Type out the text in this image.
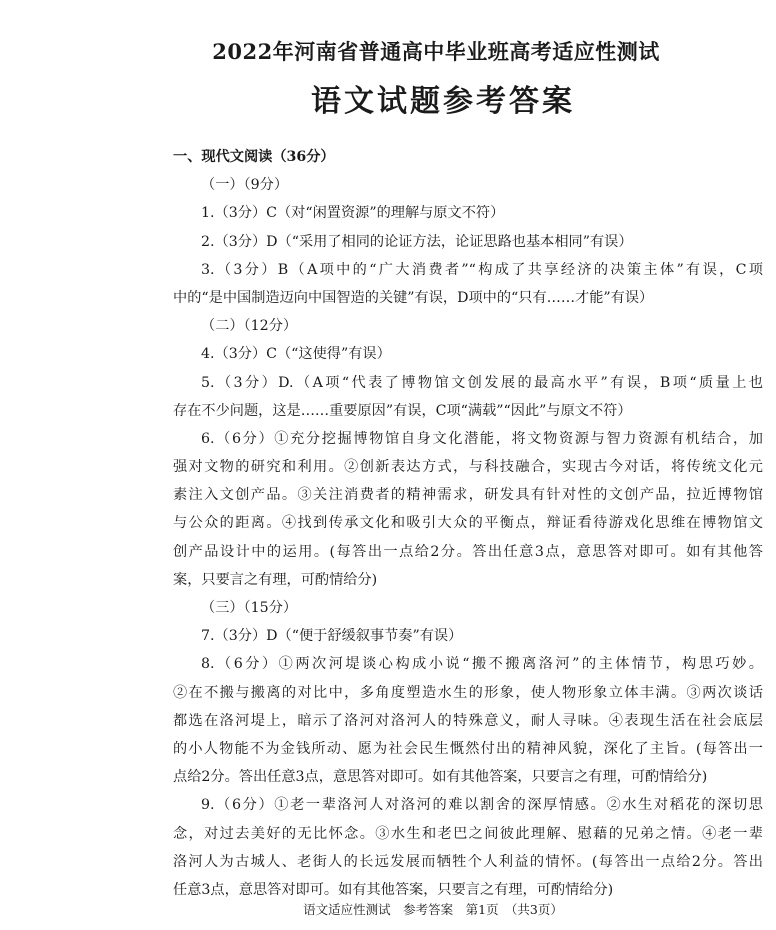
2022年河南省普通高中毕业班高考适应性测试
语文试题参考答案
一、现代文阅读（36分）
（一）（9分）
1.（3分）C（对“闲置资源”的理解与原文不符）
2.（3分）D（“采用了相同的论证方法，论证思路也基本相同”有误）
3.（3分）B（A项中的“广大消费者”“构成了共享经济的决策主体”有误，C项
中的“是中国制造迈向中国智造的关键”有误，D项中的“只有……才能”有误）
（二）（12分）
4.（3分）C（“这使得”有误）
5.（3分）D.（A项“代表了博物馆文创发展的最高水平”有误，B项“质量上也
存在不少问题，这是……重要原因”有误，C项“满载”“因此”与原文不符）
6.（6分）①充分挖掘博物馆自身文化潜能，将文物资源与智力资源有机结合，加
强对文物的研究和利用。②创新表达方式，与科技融合，实现古今对话，将传统文化元
素注入文创产品。③关注消费者的精神需求，研发具有针对性的文创产品，拉近博物馆
与公众的距离。④找到传承文化和吸引大众的平衡点，辩证看待游戏化思维在博物馆文
创产品设计中的运用。(每答出一点给2分。答出任意3点，意思答对即可。如有其他答
案，只要言之有理，可酌情给分)
（三）（15分）
7.（3分）D（“便于舒缓叙事节奏”有误）
8.（6分）①两次河堤谈心构成小说“搬不搬离洛河”的主体情节，构思巧妙。
②在不搬与搬离的对比中，多角度塑造水生的形象，使人物形象立体丰满。③两次谈话
都选在洛河堤上，暗示了洛河对洛河人的特殊意义，耐人寻味。④表现生活在社会底层
的小人物能不为金钱所动、愿为社会民生慨然付出的精神风貌，深化了主旨。(每答出一
点给2分。答出任意3点，意思答对即可。如有其他答案，只要言之有理，可酌情给分)
9.（6分）①老一辈洛河人对洛河的难以割舍的深厚情感。②水生对稻花的深切思
念，对过去美好的无比怀念。③水生和老巴之间彼此理解、慰藉的兄弟之情。④老一辈
洛河人为古城人、老街人的长远发展而牺牲个人利益的情怀。(每答出一点给2分。答出
任意3点，意思答对即可。如有其他答案，只要言之有理，可酌情给分)
语文适应性测试　参考答案　第1页　（共3页）
